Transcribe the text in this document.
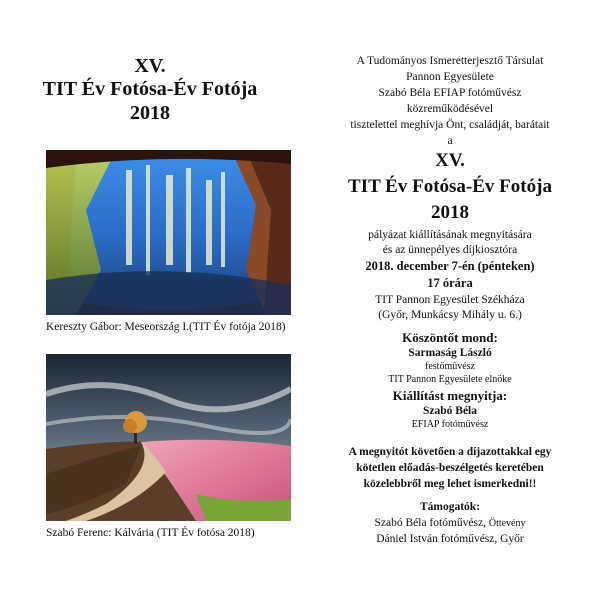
XV.
TIT Év Fotósa-Év Fotója
2018
Kereszty Gábor: Meseország I.(TIT Év fotója 2018)
Szabó Ferenc: Kálvária (TIT Év fotósa 2018)
A Tudományos Ismeretterjesztő Társulat
Pannon Egyesülete
Szabó Béla EFIAP fotóművész
közreműködésével
tisztelettel meghívja Önt, családját, barátait
a
XV.
TIT Év Fotósa-Év Fotója
2018
pályázat kiállításának megnyitására
és az ünnepélyes díjkiosztóra
2018. december 7-én (pénteken)
17 órára
TIT Pannon Egyesület Székháza
(Győr, Munkácsy Mihály u. 6.)
Köszöntőt mond:
Sarmaság László
festőművész
TIT Pannon Egyesülete elnöke
Kiállítást megnyitja:
Szabó Béla
EFIAP fotóművész
A megnyitót követően a díjazottakkal egy
kötetlen előadás-beszélgetés keretében
közelebbről meg lehet ismerkedni!!
Támogatók:
Szabó Béla fotóművész, Öttevény
Dániel István fotóművész, Győr
